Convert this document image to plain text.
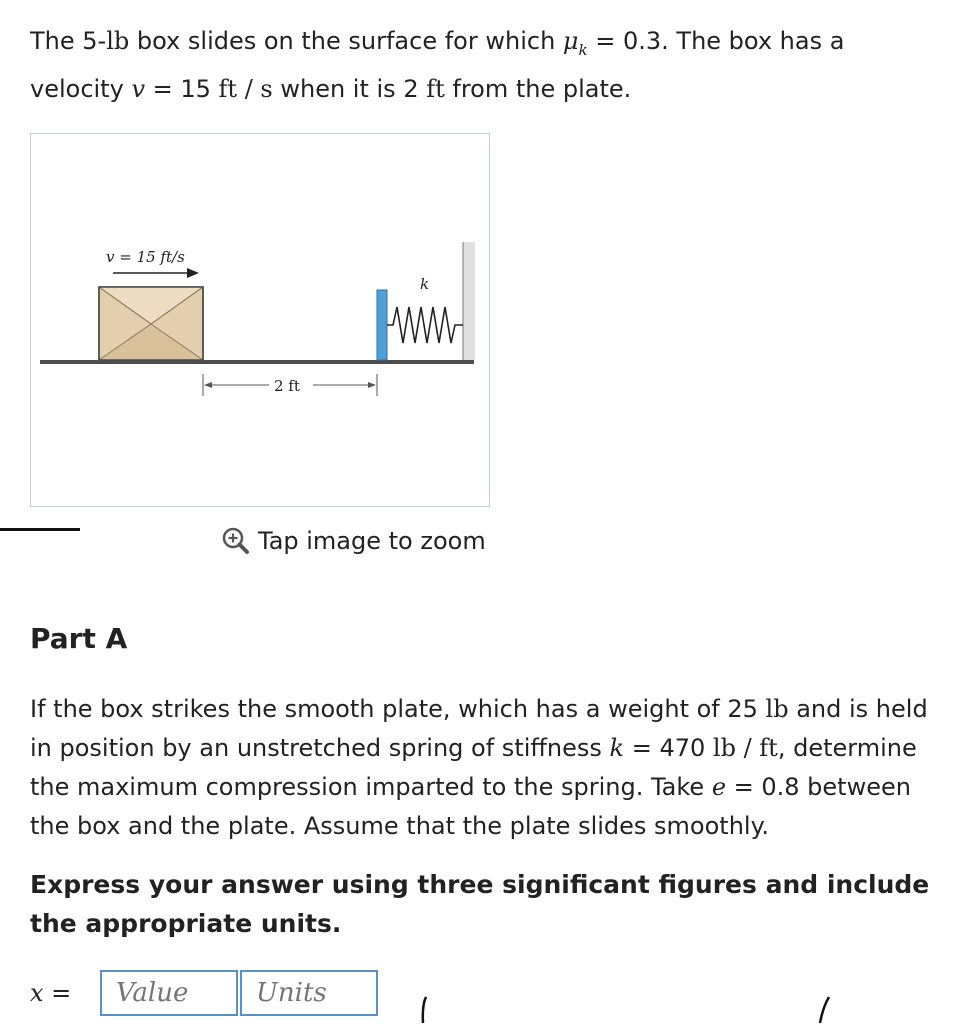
The 5-lb box slides on the surface for which $\mu_k = 0.3$. The box has a velocity v = 15 ft / s when it is 2 ft from the plate.
v = 15 ft/s
k
2 ft
Tap image to zoom
Part A
If the box strikes the smooth plate, which has a weight of 25 lb and is held in position by an unstretched spring of stiffness k = 470 lb / ft, determine the maximum compression imparted to the spring. Take e = 0.8 between the box and the plate. Assume that the plate slides smoothly.
Express your answer using three significant figures and include the appropriate units.
x =
Value
Units
